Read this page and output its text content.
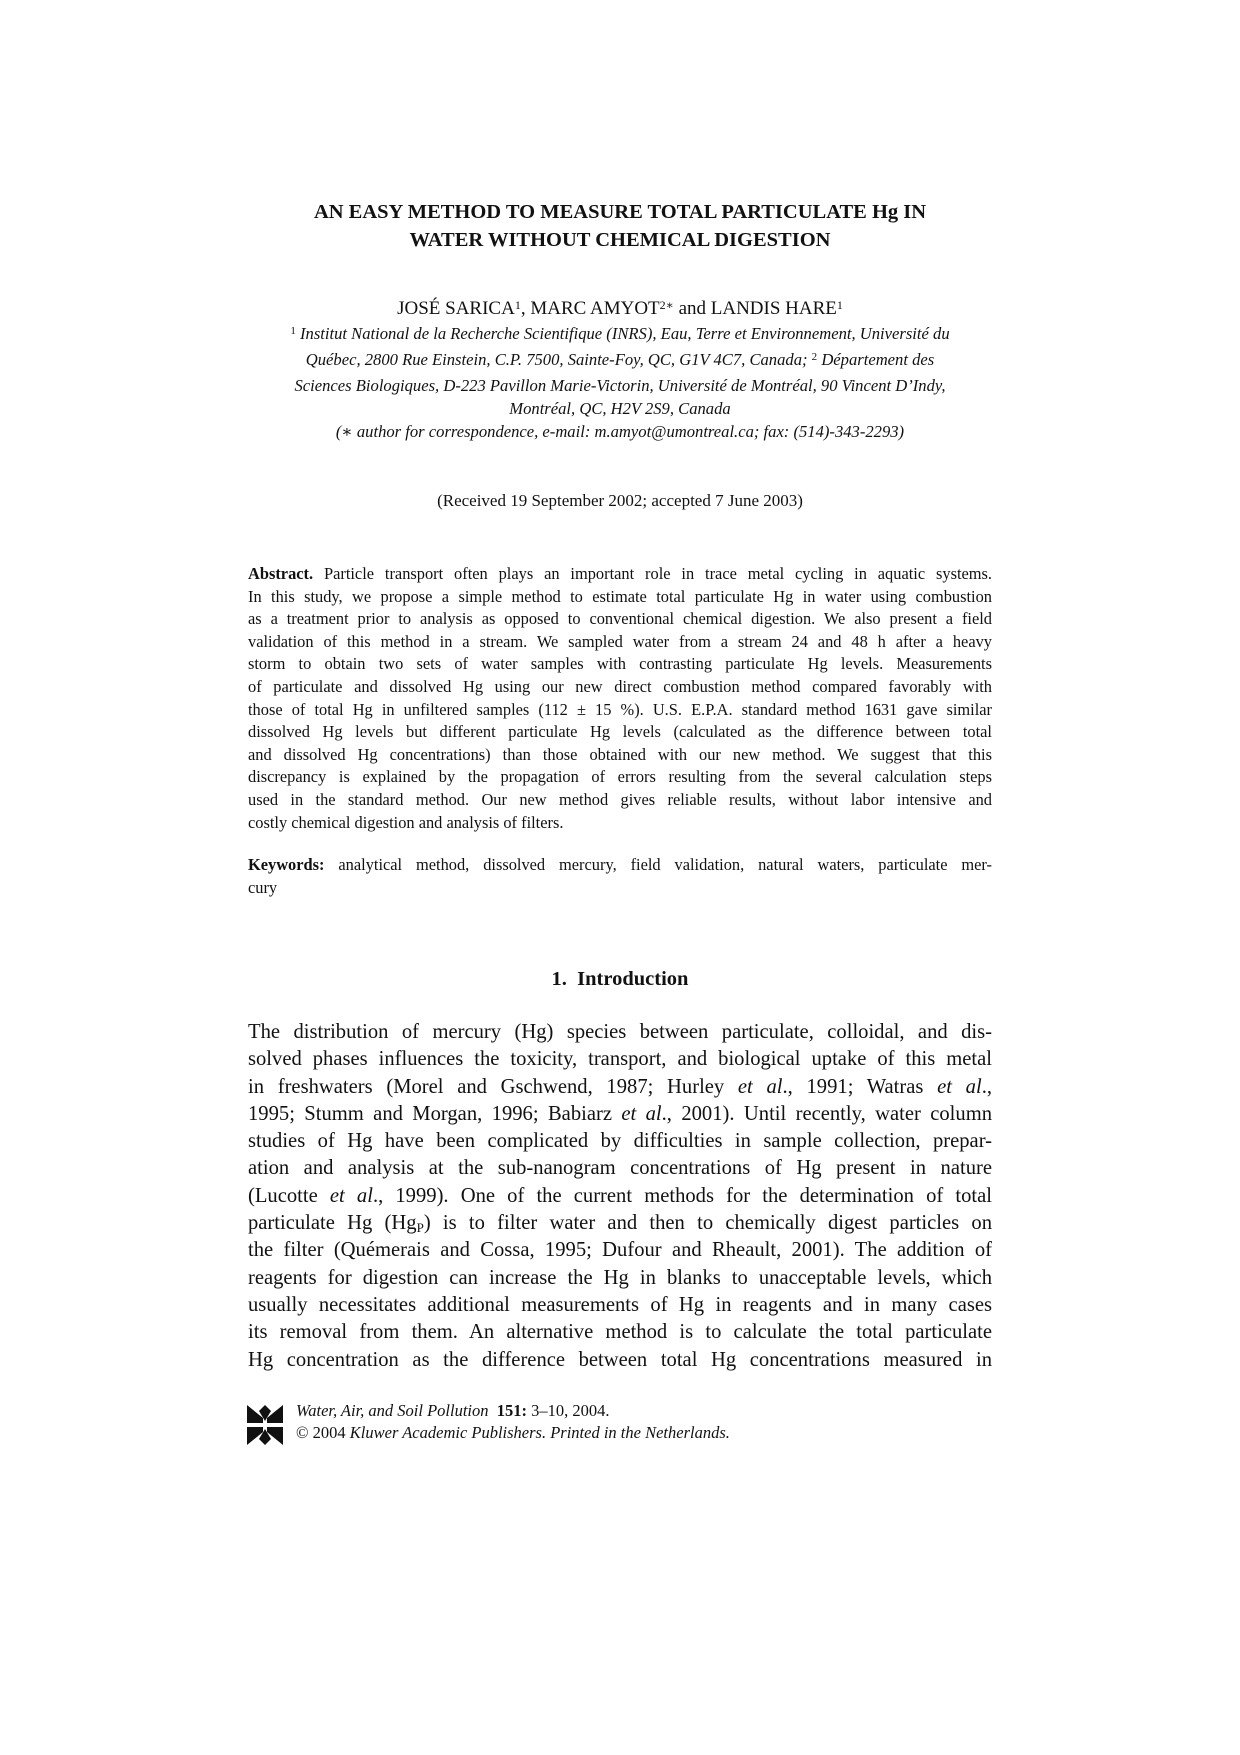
AN EASY METHOD TO MEASURE TOTAL PARTICULATE Hg IN
WATER WITHOUT CHEMICAL DIGESTION
JOSÉ SARICA$^1$, MARC $AMYOT^{2∗}$ and LANDIS HARE$^1$
$^1$ Institut National de la Recherche Scientifique (INRS), Eau, Terre et Environnement, Université du
Québec, 2800 Rue Einstein, C.P. 7500, Sainte-Foy, QC, G1V 4C7, Canada; $^2$ Département des
Sciences Biologiques, D-223 Pavillon Marie-Victorin, Université de Montréal, 90 Vincent D’Indy,
Montréal, QC, H2V 2S9, Canada
(∗ author for correspondence, e-mail: m.amyot@umontreal.ca; fax: (514)-343-2293)
(Received 19 September 2002; accepted 7 June 2003)
Abstract. Particle transport often plays an important role in trace metal cycling in aquatic systems.
In this study, we propose a simple method to estimate total particulate Hg in water using combustion
as a treatment prior to analysis as opposed to conventional chemical digestion. We also present a field
validation of this method in a stream. We sampled water from a stream 24 and 48 h after a heavy
storm to obtain two sets of water samples with contrasting particulate Hg levels. Measurements
of particulate and dissolved Hg using our new direct combustion method compared favorably with
those of total Hg in unfiltered samples (112 ± 15 %). U.S. E.P.A. standard method 1631 gave similar
dissolved Hg levels but different particulate Hg levels (calculated as the difference between total
and dissolved Hg concentrations) than those obtained with our new method. We suggest that this
discrepancy is explained by the propagation of errors resulting from the several calculation steps
used in the standard method. Our new method gives reliable results, without labor intensive and
costly chemical digestion and analysis of filters.
Keywords: analytical method, dissolved mercury, field validation, natural waters, particulate mer-
cury
1. Introduction
The distribution of mercury (Hg) species between particulate, colloidal, and dis-
solved phases influences the toxicity, transport, and biological uptake of this metal
in freshwaters (Morel and Gschwend, 1987; Hurley et al., 1991; Watras et al.,
1995; Stumm and Morgan, 1996; Babiarz et al., 2001). Until recently, water column
studies of Hg have been complicated by difficulties in sample collection, prepar-
ation and analysis at the sub-nanogram concentrations of Hg present in nature
(Lucotte et al., 1999). One of the current methods for the determination of total
particulate Hg $(Hg_P)$ is to filter water and then to chemically digest particles on
the filter (Quémerais and Cossa, 1995; Dufour and Rheault, 2001). The addition of
reagents for digestion can increase the Hg in blanks to unacceptable levels, which
usually necessitates additional measurements of Hg in reagents and in many cases
its removal from them. An alternative method is to calculate the total particulate
Hg concentration as the difference between total Hg concentrations measured in
Water, Air, and Soil Pollution 151: 3–10, 2004.
© 2004 Kluwer Academic Publishers. Printed in the Netherlands.
